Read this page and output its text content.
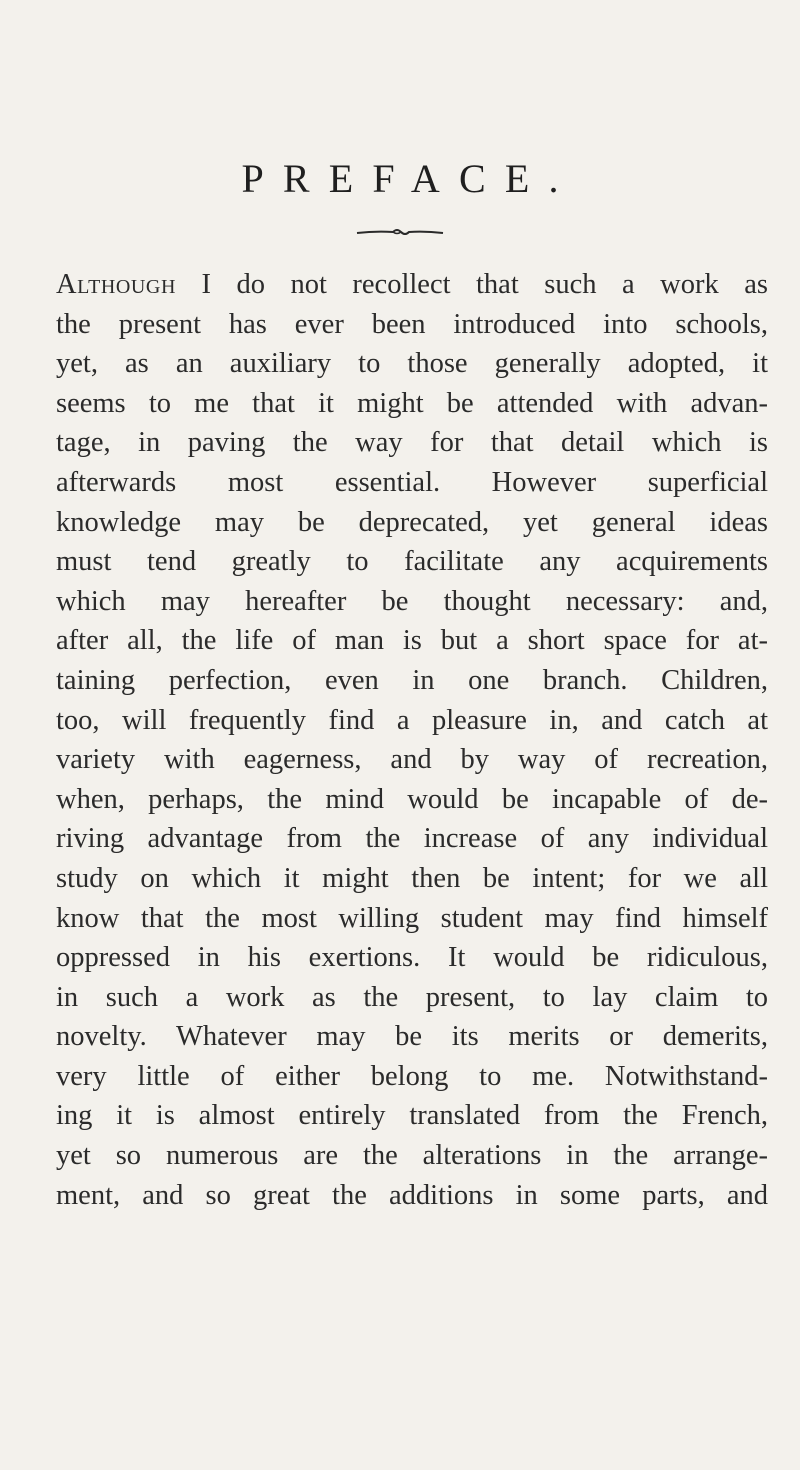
PREFACE.
Although I do not recollect that such a work as
the present has ever been introduced into schools,
yet, as an auxiliary to those generally adopted, it
seems to me that it might be attended with advan-
tage, in paving the way for that detail which is
afterwards most essential. However superficial
knowledge may be deprecated, yet general ideas
must tend greatly to facilitate any acquirements
which may hereafter be thought necessary: and,
after all, the life of man is but a short space for at-
taining perfection, even in one branch. Children,
too, will frequently find a pleasure in, and catch at
variety with eagerness, and by way of recreation,
when, perhaps, the mind would be incapable of de-
riving advantage from the increase of any individual
study on which it might then be intent; for we all
know that the most willing student may find himself
oppressed in his exertions. It would be ridiculous,
in such a work as the present, to lay claim to
novelty. Whatever may be its merits or demerits,
very little of either belong to me. Notwithstand-
ing it is almost entirely translated from the French,
yet so numerous are the alterations in the arrange-
ment, and so great the additions in some parts, and
